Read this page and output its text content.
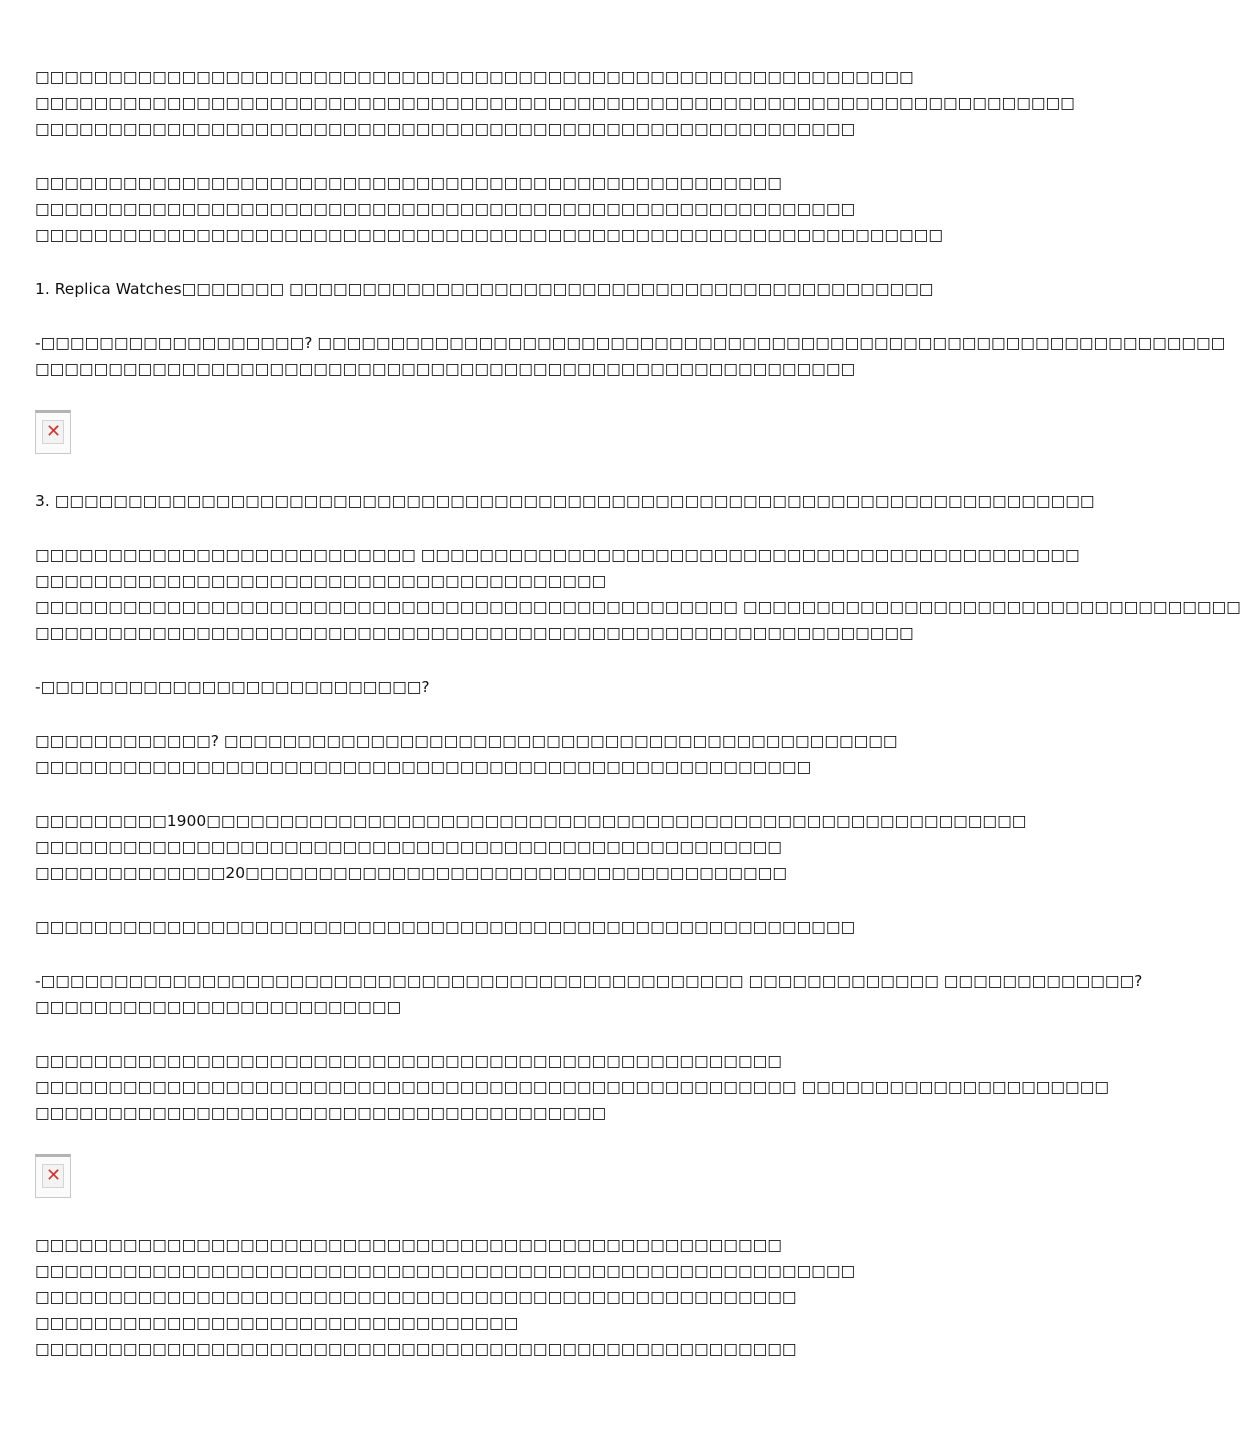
□□□□□□□□□□□□□□□□□□□□□□□□□□□□□□□□□□□□□□□□□□□□□□□□□□□□□□□□□□□□
□□□□□□□□□□□□□□□□□□□□□□□□□□□□□□□□□□□□□□□□□□□□□□□□□□□□□□□□□□□□□□□□□□□□□□□
□□□□□□□□□□□□□□□□□□□□□□□□□□□□□□□□□□□□□□□□□□□□□□□□□□□□□□□□
□□□□□□□□□□□□□□□□□□□□□□□□□□□□□□□□□□□□□□□□□□□□□□□□□□□
□□□□□□□□□□□□□□□□□□□□□□□□□□□□□□□□□□□□□□□□□□□□□□□□□□□□□□□□
□□□□□□□□□□□□□□□□□□□□□□□□□□□□□□□□□□□□□□□□□□□□□□□□□□□□□□□□□□□□□□
1. Replica Watches□□□□□□□ □□□□□□□□□□□□□□□□□□□□□□□□□□□□□□□□□□□□□□□□□□□□
-□□□□□□□□□□□□□□□□□□? □□□□□□□□□□□□□□□□□□□□□□□□□□□□□□□□□□□□□□□□□□□□□□□□□□□□□□□□□□□□□□
□□□□□□□□□□□□□□□□□□□□□□□□□□□□□□□□□□□□□□□□□□□□□□□□□□□□□□□□
✕
3. □□□□□□□□□□□□□□□□□□□□□□□□□□□□□□□□□□□□□□□□□□□□□□□□□□□□□□□□□□□□□□□□□□□□□□□
□□□□□□□□□□□□□□□□□□□□□□□□□□ □□□□□□□□□□□□□□□□□□□□□□□□□□□□□□□□□□□□□□□□□□□□□
□□□□□□□□□□□□□□□□□□□□□□□□□□□□□□□□□□□□□□□
□□□□□□□□□□□□□□□□□□□□□□□□□□□□□□□□□□□□□□□□□□□□□□□□ □□□□□□□□□□□□□□□□□□□□□□□□□□□□□□□□□□
□□□□□□□□□□□□□□□□□□□□□□□□□□□□□□□□□□□□□□□□□□□□□□□□□□□□□□□□□□□□
-□□□□□□□□□□□□□□□□□□□□□□□□□□?
□□□□□□□□□□□□? □□□□□□□□□□□□□□□□□□□□□□□□□□□□□□□□□□□□□□□□□□□□□□
□□□□□□□□□□□□□□□□□□□□□□□□□□□□□□□□□□□□□□□□□□□□□□□□□□□□□
□□□□□□□□□1900□□□□□□□□□□□□□□□□□□□□□□□□□□□□□□□□□□□□□□□□□□□□□□□□□□□□□□□□
□□□□□□□□□□□□□□□□□□□□□□□□□□□□□□□□□□□□□□□□□□□□□□□□□□□
□□□□□□□□□□□□□20□□□□□□□□□□□□□□□□□□□□□□□□□□□□□□□□□□□□□
□□□□□□□□□□□□□□□□□□□□□□□□□□□□□□□□□□□□□□□□□□□□□□□□□□□□□□□□
-□□□□□□□□□□□□□□□□□□□□□□□□□□□□□□□□□□□□□□□□□□□□□□□□ □□□□□□□□□□□□□ □□□□□□□□□□□□□?
□□□□□□□□□□□□□□□□□□□□□□□□□
□□□□□□□□□□□□□□□□□□□□□□□□□□□□□□□□□□□□□□□□□□□□□□□□□□□
□□□□□□□□□□□□□□□□□□□□□□□□□□□□□□□□□□□□□□□□□□□□□□□□□□□□ □□□□□□□□□□□□□□□□□□□□□
□□□□□□□□□□□□□□□□□□□□□□□□□□□□□□□□□□□□□□□
✕
□□□□□□□□□□□□□□□□□□□□□□□□□□□□□□□□□□□□□□□□□□□□□□□□□□□
□□□□□□□□□□□□□□□□□□□□□□□□□□□□□□□□□□□□□□□□□□□□□□□□□□□□□□□□
□□□□□□□□□□□□□□□□□□□□□□□□□□□□□□□□□□□□□□□□□□□□□□□□□□□□
□□□□□□□□□□□□□□□□□□□□□□□□□□□□□□□□□
□□□□□□□□□□□□□□□□□□□□□□□□□□□□□□□□□□□□□□□□□□□□□□□□□□□□
